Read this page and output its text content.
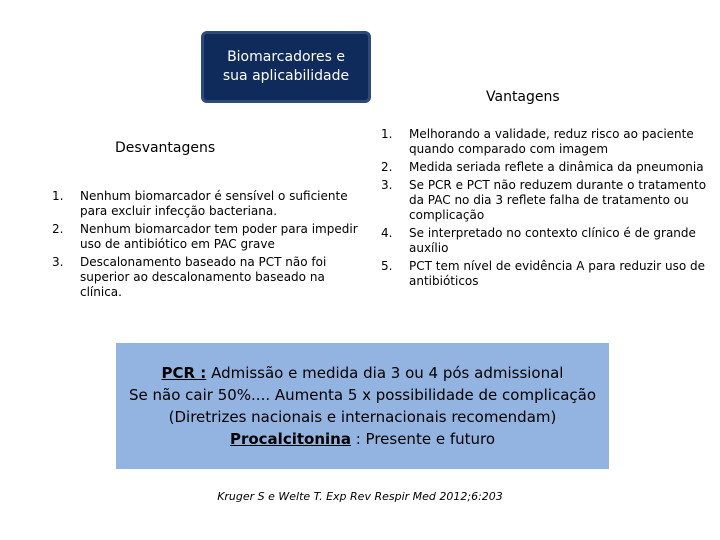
Biomarcadores e
sua aplicabilidade
Vantagens
Desvantagens
1.	Nenhum biomarcador é sensível o suficiente para excluir infecção bacteriana.
2.	Nenhum biomarcador tem poder para impedir uso de antibiótico em PAC grave
3.	Descalonamento baseado na PCT não foi superior ao descalonamento baseado na clínica.
1.	Melhorando a validade, reduz risco ao paciente quando comparado com imagem
2.	Medida seriada reflete a dinâmica da pneumonia
3.	Se PCR e PCT não reduzem durante o tratamento da PAC no dia 3 reflete falha de tratamento ou complicação
4.	Se interpretado no contexto clínico é de grande auxílio
5.	PCT tem nível de evidência A para reduzir uso de antibióticos
PCR : Admissão e medida dia 3 ou 4 pós admissional
Se não cair 50%.... Aumenta 5 x possibilidade de complicação
(Diretrizes nacionais e internacionais recomendam)
Procalcitonina : Presente e futuro
Kruger S e Welte T. Exp Rev Respir Med 2012;6:203
